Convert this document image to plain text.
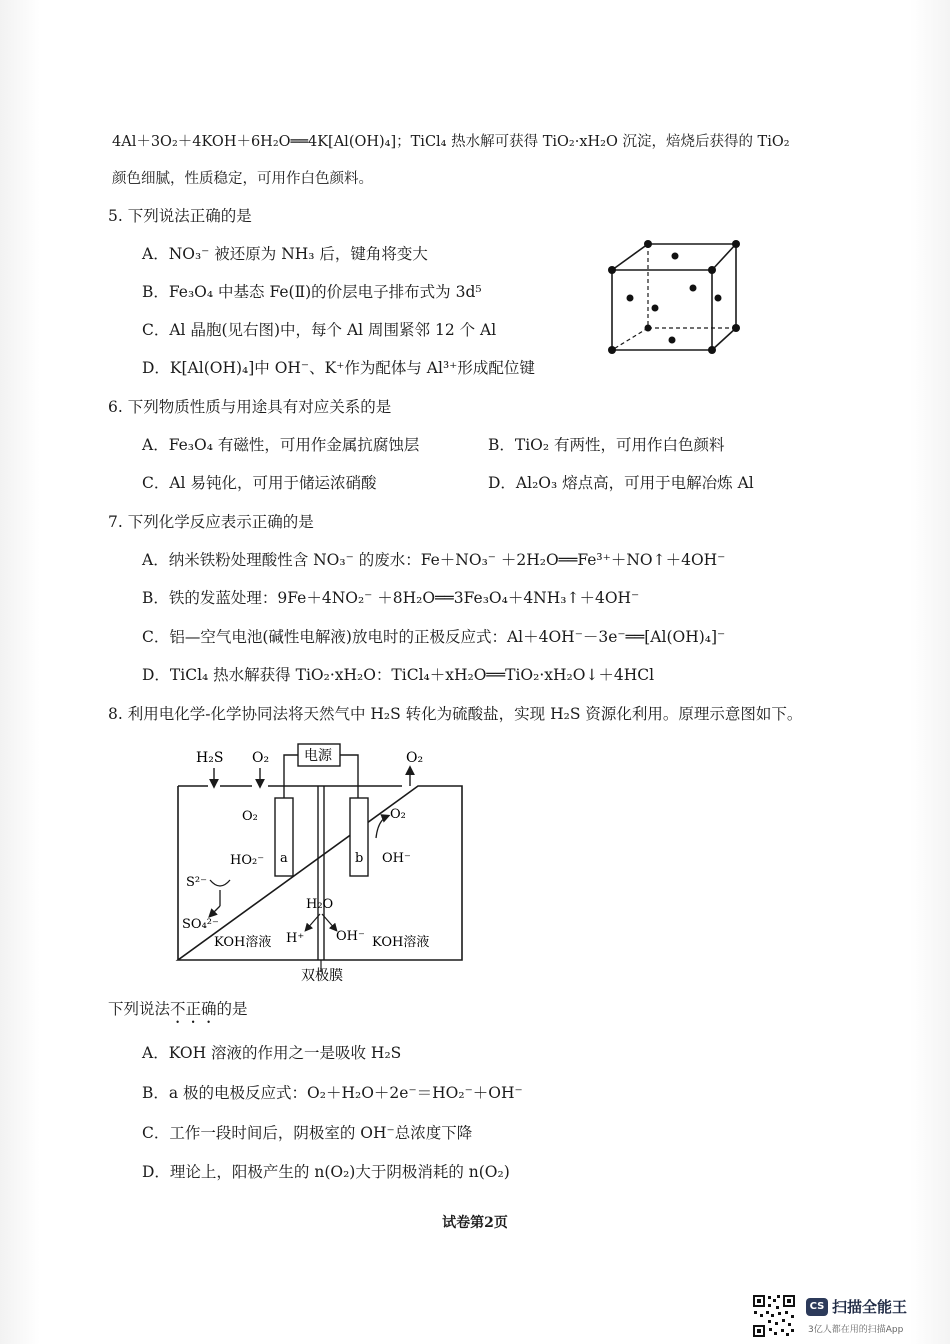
4Al＋3O₂＋4KOH＋6H₂O══4K[Al(OH)₄]；TiCl₄ 热水解可获得 TiO₂·xH₂O 沉淀，焙烧后获得的 TiO₂
颜色细腻，性质稳定，可用作白色颜料。
5. 下列说法正确的是
A．NO₃⁻ 被还原为 NH₃ 后，键角将变大
B．Fe₃O₄ 中基态 Fe(Ⅱ)的价层电子排布式为 3d⁵
C．Al 晶胞(见右图)中，每个 Al 周围紧邻 12 个 Al
D．K[Al(OH)₄]中 OH⁻、K⁺作为配体与 Al³⁺形成配位键
6. 下列物质性质与用途具有对应关系的是
A．Fe₃O₄ 有磁性，可用作金属抗腐蚀层	B．TiO₂ 有两性，可用作白色颜料
C．Al 易钝化，可用于储运浓硝酸	D．Al₂O₃ 熔点高，可用于电解冶炼 Al
7. 下列化学反应表示正确的是
A．纳米铁粉处理酸性含 NO₃⁻ 的废水：Fe＋NO₃⁻ ＋2H₂O══Fe³⁺＋NO↑＋4OH⁻
B．铁的发蓝处理：9Fe＋4NO₂⁻ ＋8H₂O══3Fe₃O₄＋4NH₃↑＋4OH⁻
C．铝—空气电池(碱性电解液)放电时的正极反应式：Al＋4OH⁻－3e⁻══[Al(OH)₄]⁻
D．TiCl₄ 热水解获得 TiO₂·xH₂O：TiCl₄＋xH₂O══TiO₂·xH₂O↓＋4HCl
8. 利用电化学-化学协同法将天然气中 H₂S 转化为硫酸盐，实现 H₂S 资源化利用。原理示意图如下。
H₂S O₂	O₂
电源
a	b
双极膜
O₂
HO₂⁻
S²⁻
SO₄²⁻
KOH溶液 H⁺
H₂O
OH⁻ KOH溶液
O₂
OH⁻
下列说法不正确的是
A．KOH 溶液的作用之一是吸收 H₂S
B．a 极的电极反应式：O₂＋H₂O＋2e⁻＝HO₂⁻＋OH⁻
C．工作一段时间后，阴极室的 OH⁻总浓度下降
D．理论上，阳极产生的 n(O₂)大于阴极消耗的 n(O₂)
试卷第2页
CS 扫描全能王
3亿人都在用的扫描App
